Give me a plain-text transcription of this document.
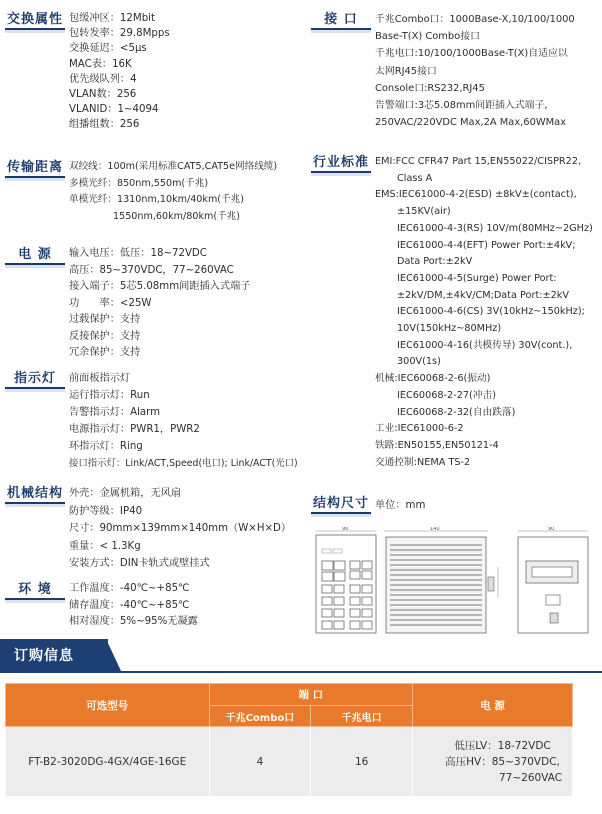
交换属性 包缓冲区：12Mbit
包转发率：29.8Mpps
交换延迟：<5μs
MAC表：16K
优先级队列：4
VLAN数：256
VLANID：1~4094
组播组数：256
传输距离 双绞线：100m(采用标准CAT5,CAT5e网络线缆)
多模光纤：850nm,550m(千兆)
单模光纤：1310nm,10km/40km(千兆)
1550nm,60km/80km(千兆)
电 源	输入电压：低压：18~72VDC
高压：85~370VDC，77~260VAC
接入端子：5芯5.08mm间距插入式端子
功　　率：<25W
过载保护：支持
反接保护：支持
冗余保护：支持
指示灯	前面板指示灯
运行指示灯：Run
告警指示灯：Alarm
电源指示灯：PWR1，PWR2
环指示灯：Ring
接口指示灯：Link/ACT,Speed(电口); Link/ACT(光口)
机械结构 外壳：金属机箱，无风扇
防护等级：IP40
尺寸：90mm×139mm×140mm（W×H×D）
重量：< 1.3Kg
安装方式：DIN卡轨式或壁挂式
环 境	工作温度：-40℃~+85℃
储存温度：-40℃~+85℃
相对湿度：5%~95%无凝露
接 口	千兆Combo口：1000Base-X,10/100/1000
Base-T(X) Combo接口
千兆电口:10/100/1000Base-T(X)自适应以
太网RJ45接口
Console口:RS232,RJ45
告警端口:3芯5.08mm间距插入式端子,
250VAC/220VDC Max,2A Max,60WMax
行业标准 EMI:FCC CFR47 Part 15,EN55022/CISPR22,
Class A
EMS:IEC61000-4-2(ESD) ±8kV±(contact),
±15KV(air)
IEC61000-4-3(RS) 10V/m(80MHz~2GHz)
IEC61000-4-4(EFT) Power Port:±4kV;
Data Port:±2kV
IEC61000-4-5(Surge) Power Port:
±2kV/DM,±4kV/CM;Data Port:±2kV
IEC61000-4-6(CS) 3V(10kHz~150kHz);
10V(150kHz~80MHz)
IEC61000-4-16(共模传导) 30V(cont.),
300V(1s)
机械:IEC60068-2-6(振动)
IEC60068-2-27(冲击)
IEC60068-2-32(自由跌落)
工业:IEC61000-6-2
铁路:EN50155,EN50121-4
交通控制:NEMA TS-2
结构尺寸 单位：mm
90	140	90
订购信息
可选型号	端 口		电 源
	千兆Combo口	千兆电口	
FT-B2-3020DG-4GX/4GE-16GE	4	16	低压LV：18-72VDC
高压HV：85~370VDC,
77~260VAC
